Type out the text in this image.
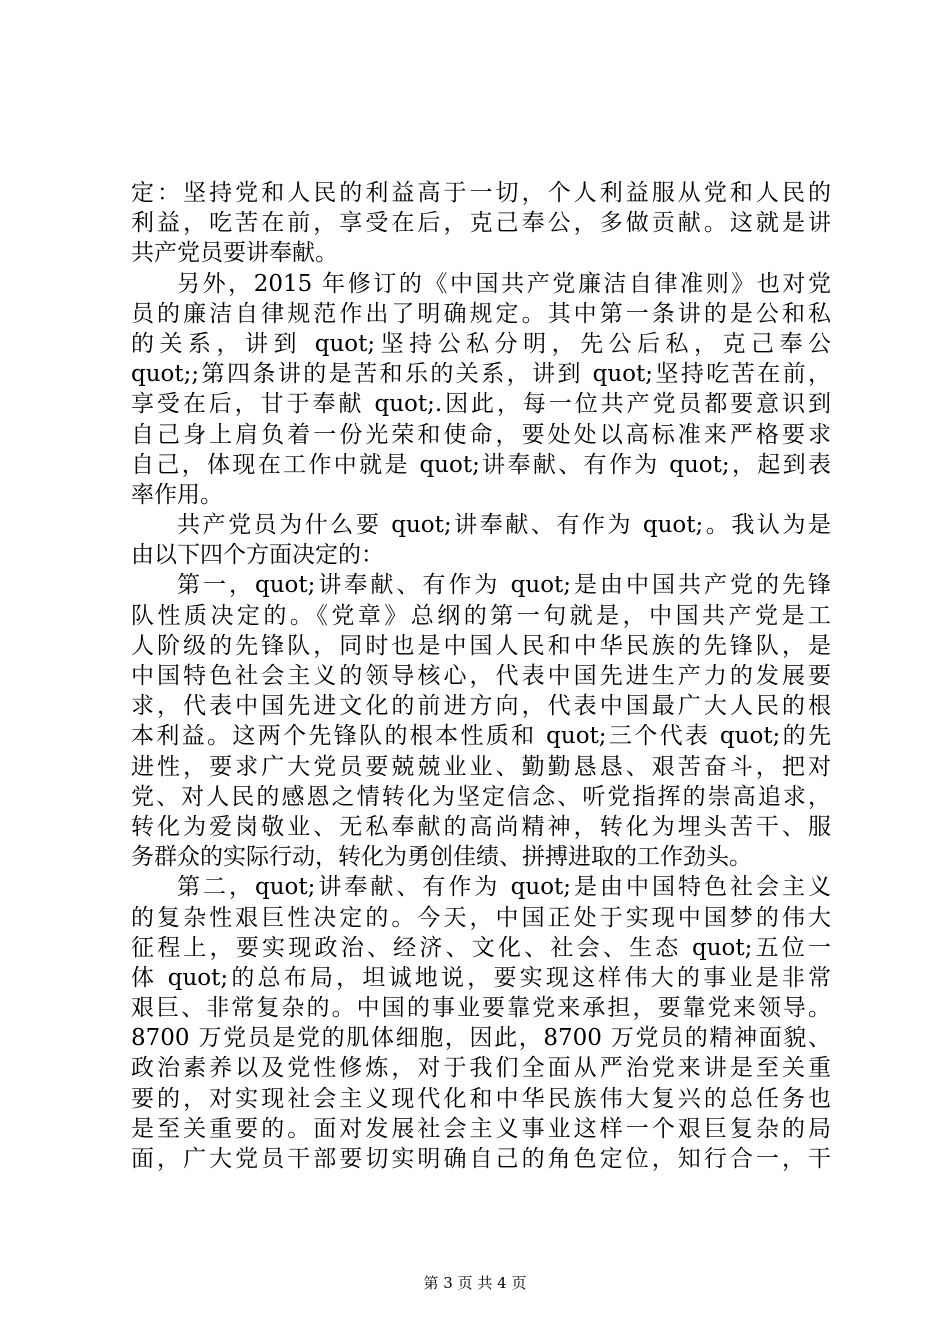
定：坚持党和人民的利益高于一切，个人利益服从党和人民的
利益，吃苦在前，享受在后，克己奉公，多做贡献。这就是讲
共产党员要讲奉献。
另外，2015 年修订的《中国共产党廉洁自律准则》也对党
员的廉洁自律规范作出了明确规定。其中第一条讲的是公和私
的关系，讲到 quot;坚持公私分明，先公后私，克己奉公
quot;;第四条讲的是苦和乐的关系，讲到 quot;坚持吃苦在前，
享受在后，甘于奉献 quot;.因此，每一位共产党员都要意识到
自己身上肩负着一份光荣和使命，要处处以高标准来严格要求
自己，体现在工作中就是 quot;讲奉献、有作为 quot;，起到表
率作用。
共产党员为什么要 quot;讲奉献、有作为 quot;。我认为是
由以下四个方面决定的：
第一，quot;讲奉献、有作为 quot;是由中国共产党的先锋
队性质决定的。《党章》总纲的第一句就是，中国共产党是工
人阶级的先锋队，同时也是中国人民和中华民族的先锋队，是
中国特色社会主义的领导核心，代表中国先进生产力的发展要
求，代表中国先进文化的前进方向，代表中国最广大人民的根
本利益。这两个先锋队的根本性质和 quot;三个代表 quot;的先
进性，要求广大党员要兢兢业业、勤勤恳恳、艰苦奋斗，把对
党、对人民的感恩之情转化为坚定信念、听党指挥的崇高追求，
转化为爱岗敬业、无私奉献的高尚精神，转化为埋头苦干、服
务群众的实际行动，转化为勇创佳绩、拼搏进取的工作劲头。
第二，quot;讲奉献、有作为 quot;是由中国特色社会主义
的复杂性艰巨性决定的。今天，中国正处于实现中国梦的伟大
征程上，要实现政治、经济、文化、社会、生态 quot;五位一
体 quot;的总布局，坦诚地说，要实现这样伟大的事业是非常
艰巨、非常复杂的。中国的事业要靠党来承担，要靠党来领导。
8700 万党员是党的肌体细胞，因此，8700 万党员的精神面貌、
政治素养以及党性修炼，对于我们全面从严治党来讲是至关重
要的，对实现社会主义现代化和中华民族伟大复兴的总任务也
是至关重要的。面对发展社会主义事业这样一个艰巨复杂的局
面，广大党员干部要切实明确自己的角色定位，知行合一，干
第 3 页 共 4 页
